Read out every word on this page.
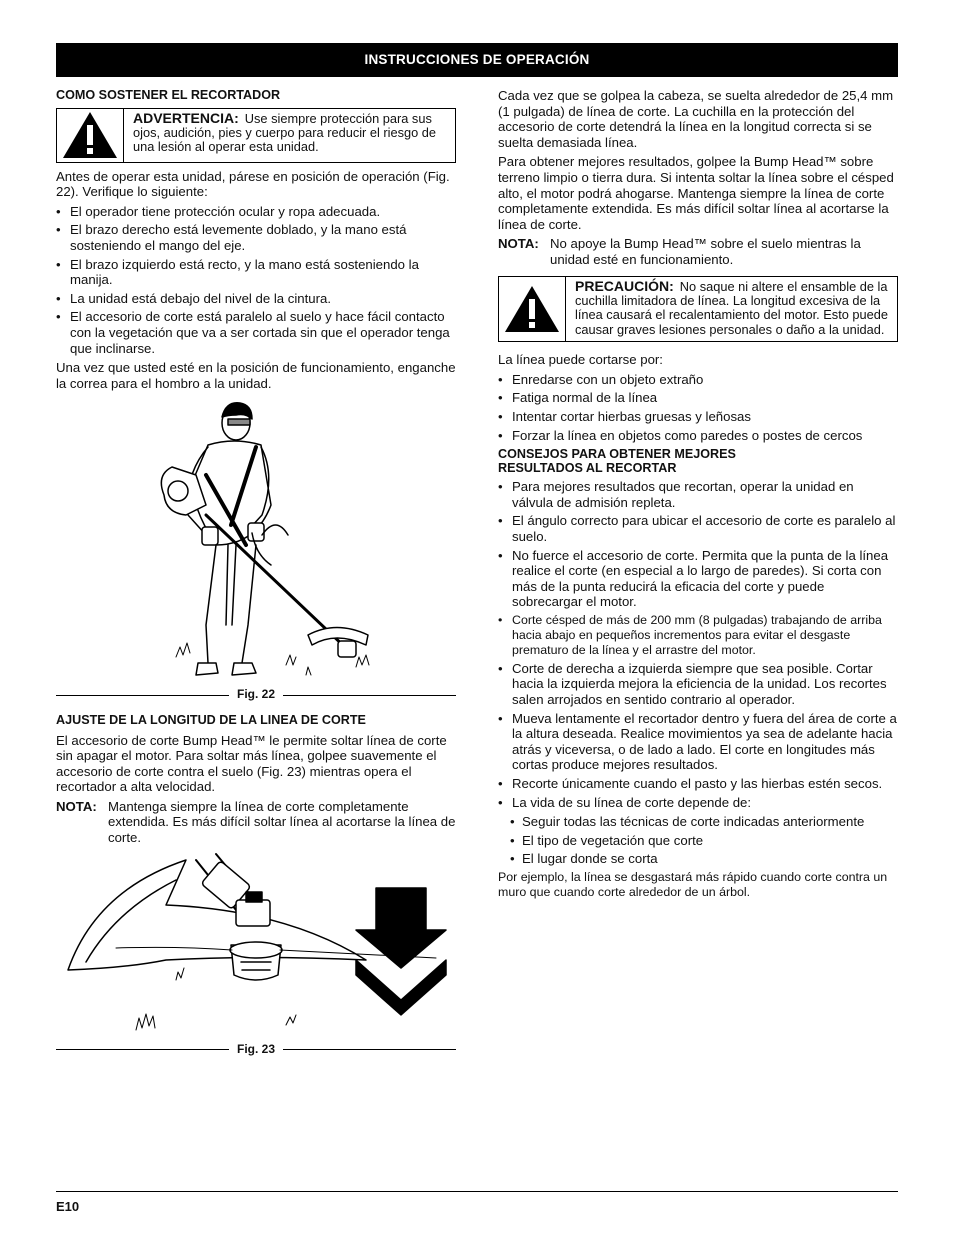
INSTRUCCIONES DE OPERACIÓN
COMO SOSTENER EL RECORTADOR
ADVERTENCIA: Use siempre protección para sus ojos, audición, pies y cuerpo para reducir el riesgo de una lesión al operar esta unidad.

Antes de operar esta unidad, párese en posición de operación (Fig. 22). Verifique lo siguiente:

• El operador tiene protección ocular y ropa adecuada.
• El brazo derecho está levemente doblado, y la mano está sosteniendo el mango del eje.
• El brazo izquierdo está recto, y la mano está sosteniendo la manija.
• La unidad está debajo del nivel de la cintura.
• El accesorio de corte está paralelo al suelo y hace fácil contacto con la vegetación que va a ser cortada sin que el operador tenga que inclinarse.

Una vez que usted esté en la posición de funcionamiento, enganche la correa para el hombro a la unidad.

Fig. 22
AJUSTE DE LA LONGITUD DE LA LINEA DE CORTE

El accesorio de corte Bump Head™ le permite soltar línea de corte sin apagar el motor. Para soltar más línea, golpee suavemente el accesorio de corte contra el suelo (Fig. 23) mientras opera el recortador a alta velocidad.

NOTA: Mantenga siempre la línea de corte completamente extendida. Es más difícil soltar línea al acortarse la línea de corte.
Fig. 23

Cada vez que se golpea la cabeza, se suelta alrededor de 25,4 mm (1 pulgada) de línea de corte. La cuchilla en la protección del accesorio de corte detendrá la línea en la longitud correcta si se suelta demasiada línea.

Para obtener mejores resultados, golpee la Bump Head™ sobre terreno limpio o tierra dura. Si intenta soltar la línea sobre el césped alto, el motor podrá ahogarse. Mantenga siempre la línea de corte completamente extendida. Es más difícil soltar línea al acortarse la línea de corte.

NOTA: No apoye la Bump Head™ sobre el suelo mientras la unidad esté en funcionamiento.
PRECAUCIÓN: No saque ni altere el ensamble de la cuchilla limitadora de línea. La longitud excesiva de la línea causará el recalentamiento del motor. Esto puede causar graves lesiones personales o daño a la unidad.

La línea puede cortarse por:

• Enredarse con un objeto extraño
• Fatiga normal de la línea
• Intentar cortar hierbas gruesas y leñosas
• Forzar la línea en objetos como paredes o postes de cercos
CONSEJOS PARA OBTENER MEJORES
RESULTADOS AL RECORTAR
• Para mejores resultados que recortan, operar la unidad en válvula de admisión repleta.
• El ángulo correcto para ubicar el accesorio de corte es paralelo al suelo.
• No fuerce el accesorio de corte. Permita que la punta de la línea realice el corte (en especial a lo largo de paredes). Si corta con más de la punta reducirá la eficacia del corte y puede sobrecargar el motor.
• Corte césped de más de 200 mm (8 pulgadas) trabajando de arriba hacia abajo en pequeños incrementos para evitar el desgaste prematuro de la línea y el arrastre del motor.
• Corte de derecha a izquierda siempre que sea posible. Cortar hacia la izquierda mejora la eficiencia de la unidad. Los recortes salen arrojados en sentido contrario al operador.
• Mueva lentamente el recortador dentro y fuera del área de corte a la altura deseada. Realice movimientos ya sea de adelante hacia atrás y viceversa, o de lado a lado. El corte en longitudes más cortas produce mejores resultados.
• Recorte únicamente cuando el pasto y las hierbas estén secos.
• La vida de su línea de corte depende de:
• Seguir todas las técnicas de corte indicadas anteriormente
• El tipo de vegetación que corte
• El lugar donde se corta

Por ejemplo, la línea se desgastará más rápido cuando corte contra un muro que cuando corte alrededor de un árbol.

E10
